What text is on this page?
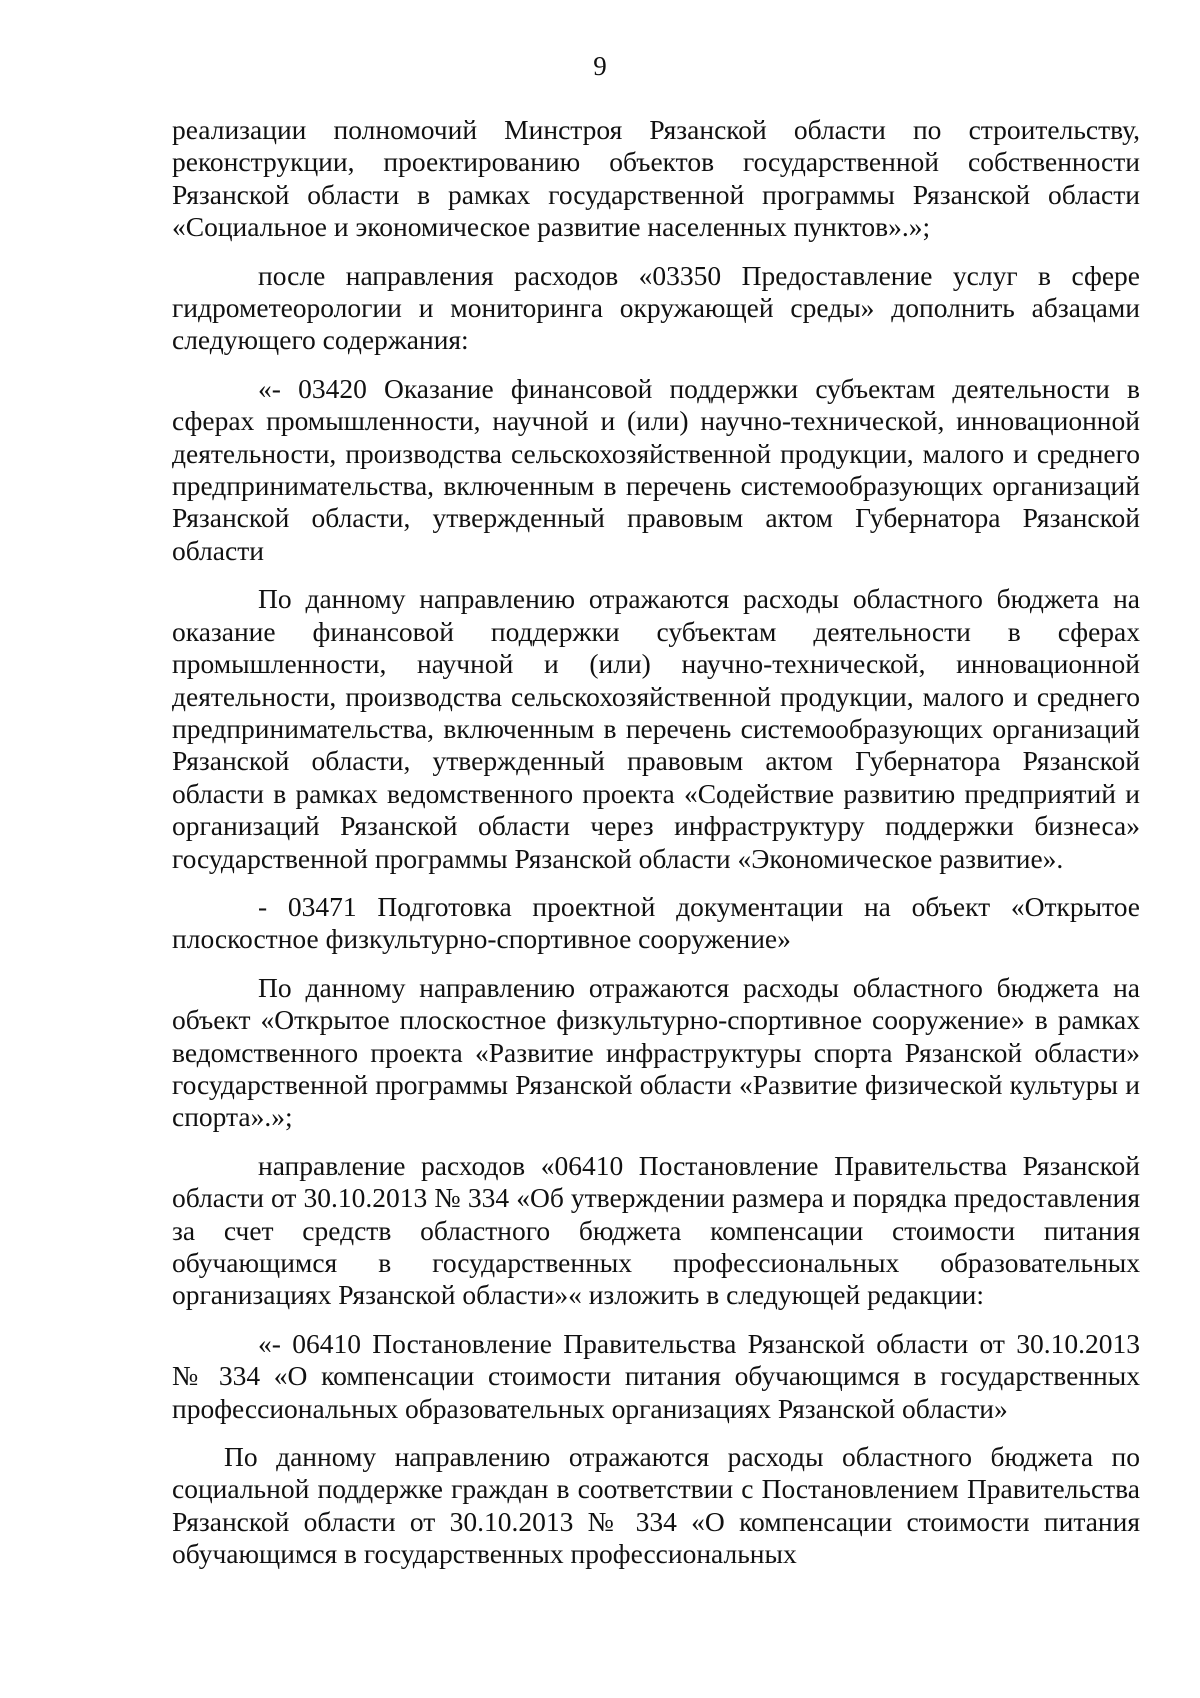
9

реализации полномочий Минстроя Рязанской области по строительству, реконструкции, проектированию объектов государственной собственности Рязанской области в рамках государственной программы Рязанской области «Социальное и экономическое развитие населенных пунктов».»;

после направления расходов «03350 Предоставление услуг в сфере гидрометеорологии и мониторинга окружающей среды» дополнить абзацами следующего содержания:

«- 03420 Оказание финансовой поддержки субъектам деятельности в сферах промышленности, научной и (или) научно-технической, инновационной деятельности, производства сельскохозяйственной продукции, малого и среднего предпринимательства, включенным в перечень системообразующих организаций Рязанской области, утвержденный правовым актом Губернатора Рязанской области

По данному направлению отражаются расходы областного бюджета на оказание финансовой поддержки субъектам деятельности в сферах промышленности, научной и (или) научно-технической, инновационной деятельности, производства сельскохозяйственной продукции, малого и среднего предпринимательства, включенным в перечень системообразующих организаций Рязанской области, утвержденный правовым актом Губернатора Рязанской области в рамках ведомственного проекта «Содействие развитию предприятий и организаций Рязанской области через инфраструктуру поддержки бизнеса» государственной программы Рязанской области «Экономическое развитие».

- 03471 Подготовка проектной документации на объект «Открытое плоскостное физкультурно-спортивное сооружение»

По данному направлению отражаются расходы областного бюджета на объект «Открытое плоскостное физкультурно-спортивное сооружение» в рамках ведомственного проекта «Развитие инфраструктуры спорта Рязанской области» государственной программы Рязанской области «Развитие физической культуры и спорта».»;

направление расходов «06410 Постановление Правительства Рязанской области от 30.10.2013 № 334 «Об утверждении размера и порядка предоставления за счет средств областного бюджета компенсации стоимости питания обучающимся в государственных профессиональных образовательных организациях Рязанской области»« изложить в следующей редакции:

«- 06410 Постановление Правительства Рязанской области от 30.10.2013 № 334 «О компенсации стоимости питания обучающимся в государственных профессиональных образовательных организациях Рязанской области»

По данному направлению отражаются расходы областного бюджета по социальной поддержке граждан в соответствии с Постановлением Правительства Рязанской области от 30.10.2013 № 334 «О компенсации стоимости питания обучающимся в государственных профессиональных
